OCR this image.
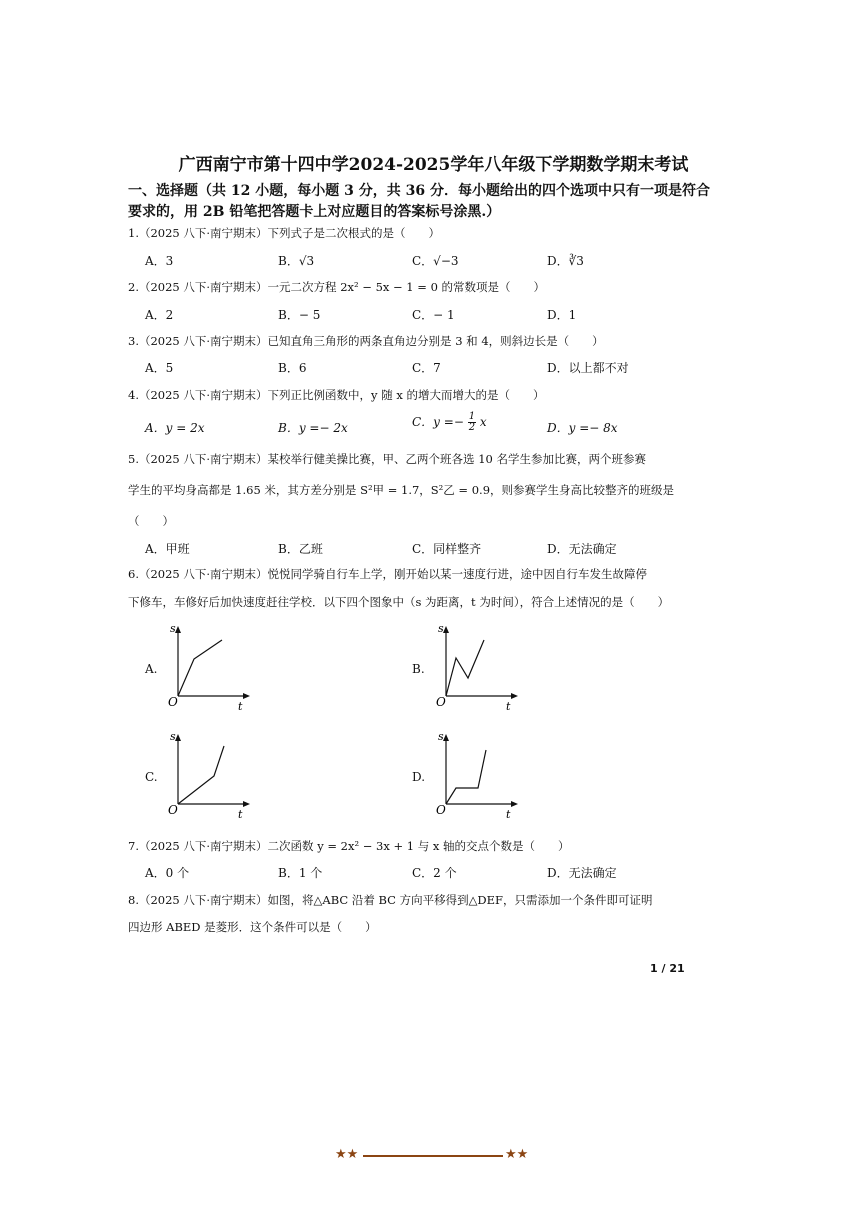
广西南宁市第十四中学2024-2025学年八年级下学期数学期末考试
一、选择题（共 12 小题，每小题 3 分，共 36 分．每小题给出的四个选项中只有一项是符合
要求的，用 2B 铅笔把答题卡上对应题目的答案标号涂黑.）
1.（2025 八下·南宁期末）下列式子是二次根式的是（　　）
A．3	B．√3	C．√−3	D．∛3
2.（2025 八下·南宁期末）一元二次方程 2x² − 5x − 1 = 0 的常数项是（　　）
A．2	B．− 5	C．− 1	D．1
3.（2025 八下·南宁期末）已知直角三角形的两条直角边分别是 3 和 4，则斜边长是（　　）
A．5	B．6	C．7	D．以上都不对
4.（2025 八下·南宁期末）下列正比例函数中，y 随 x 的增大而增大的是（　　）
A．y = 2x	B．y =− 2x	C．$y =- \frac{1}{2}$ x	D．y =− 8x
5.（2025 八下·南宁期末）某校举行健美操比赛，甲、乙两个班各选 10 名学生参加比赛，两个班参赛
学生的平均身高都是 1.65 米，其方差分别是 S²甲 = 1.7，S²乙 = 0.9，则参赛学生身高比较整齐的班级是
（　　）
A．甲班	B．乙班	C．同样整齐	D．无法确定
6.（2025 八下·南宁期末）悦悦同学骑自行车上学，刚开始以某一速度行进，途中因自行车发生故障停
下修车，车修好后加快速度赶往学校．以下四个图象中（s 为距离，t 为时间），符合上述情况的是（　　）
A.
O
s
t
B.
O
s
t
C.
O
s
t
D.
O
s
t
7.（2025 八下·南宁期末）二次函数 y = 2x² − 3x + 1 与 x 轴的交点个数是（　　）
A．0 个	B．1 个	C．2 个	D．无法确定
8.（2025 八下·南宁期末）如图，将△ABC 沿着 BC 方向平移得到△DEF，只需添加一个条件即可证明
四边形 ABED 是菱形．这个条件可以是（　　）
1 / 21
★★	★★
